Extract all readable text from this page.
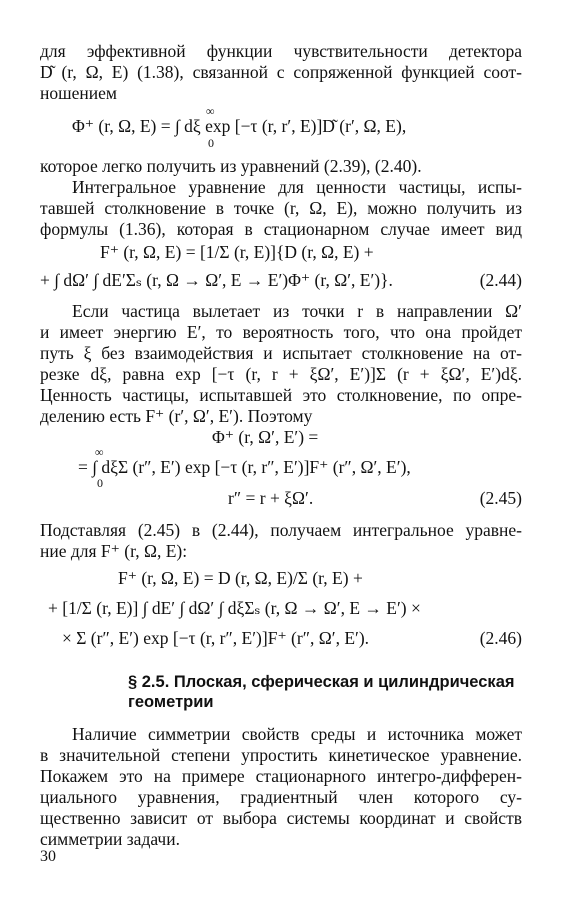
для эффективной функции чувствительности детектора
D͂ (r, Ω, E) (1.38), связанной с сопряженной функцией соот-
ношением
Φ⁺ (r, Ω, E) = ∫ dξ exp [−τ (r, r′, E)]D͂ (r′, Ω, E),
∞
0
которое легко получить из уравнений (2.39), (2.40).
Интегральное уравнение для ценности частицы, испы-
тавшей столкновение в точке (r, Ω, E), можно получить из
формулы (1.36), которая в стационарном случае имеет вид
F⁺ (r, Ω, E) = [1/Σ (r, E)]{D (r, Ω, E) +
+ ∫ dΩ′ ∫ dE′Σₛ (r, Ω → Ω′, E → E′)Φ⁺ (r, Ω′, E′)}.	(2.44)
Если частица вылетает из точки r в направлении Ω′
и имеет энергию E′, то вероятность того, что она пройдет
путь ξ без взаимодействия и испытает столкновение на от-
резке dξ, равна exp [−τ (r, r + ξΩ′, E′)]Σ (r + ξΩ′, E′)dξ.
Ценность частицы, испытавшей это столкновение, по опре-
делению есть F⁺ (r′, Ω′, E′). Поэтому
Φ⁺ (r, Ω′, E′) =
= ∫ dξΣ (r″, E′) exp [−τ (r, r″, E′)]F⁺ (r″, Ω′, E′),
∞
0
r″ = r + ξΩ′.	(2.45)
Подставляя (2.45) в (2.44), получаем интегральное уравне-
ние для F⁺ (r, Ω, E):
F⁺ (r, Ω, E) = D (r, Ω, E)/Σ (r, E) +
+ [1/Σ (r, E)] ∫ dE′ ∫ dΩ′ ∫ dξΣₛ (r, Ω → Ω′, E → E′) ×
× Σ (r″, E′) exp [−τ (r, r″, E′)]F⁺ (r″, Ω′, E′).	(2.46)
§ 2.5. Плоская, сферическая и цилиндрическая
геометрии
Наличие симметрии свойств среды и источника может
в значительной степени упростить кинетическое уравнение.
Покажем это на примере стационарного интегро-дифферен-
циального уравнения, градиентный член которого су-
щественно зависит от выбора системы координат и свойств
симметрии задачи.
30
